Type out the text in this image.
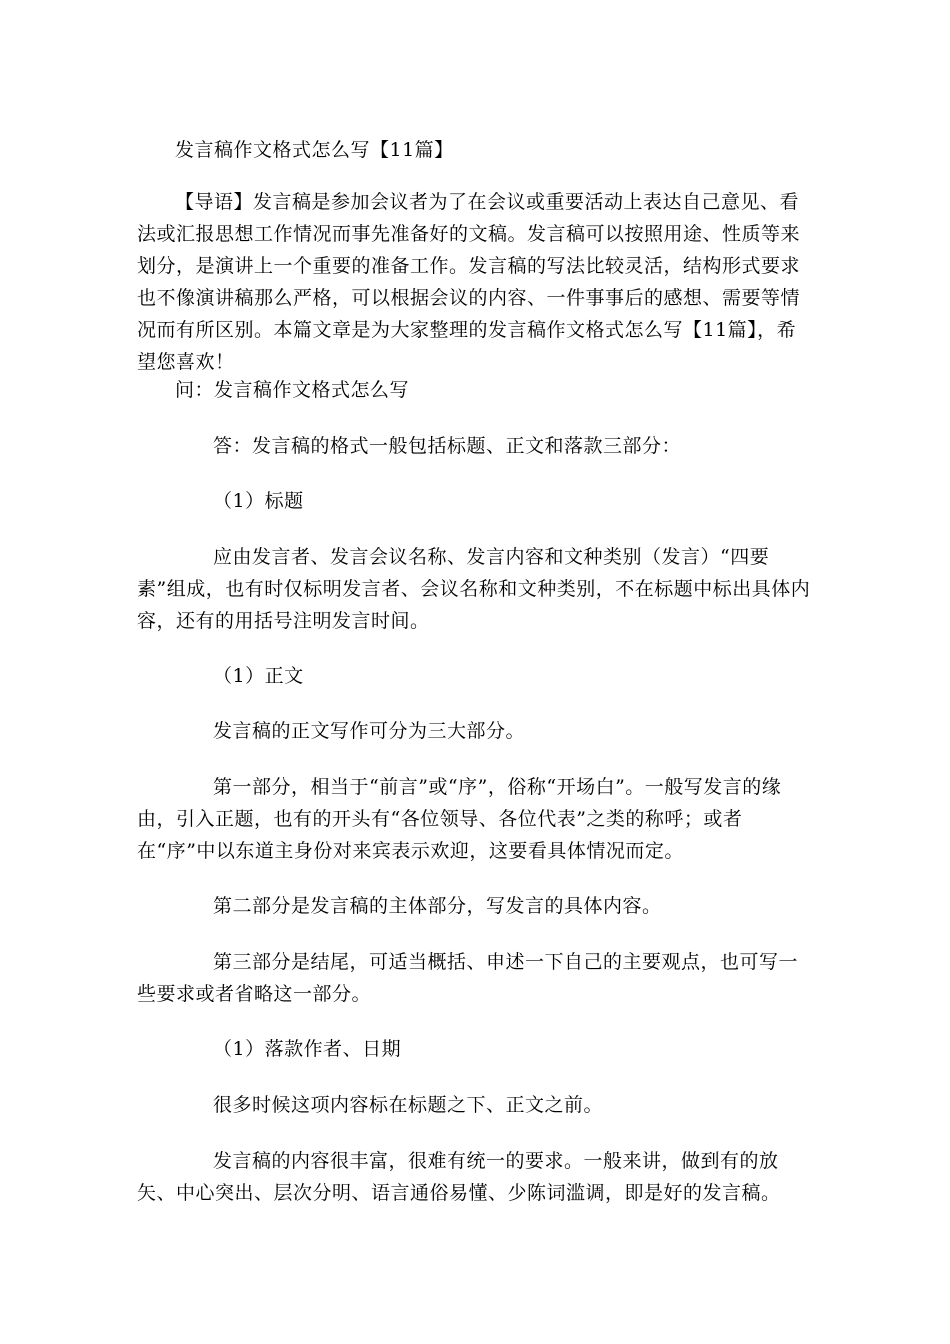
发言稿作文格式怎么写【11篇】

【导语】发言稿是参加会议者为了在会议或重要活动上表达自己意见、看法或汇报思想工作情况而事先准备好的文稿。发言稿可以按照用途、性质等来划分，是演讲上一个重要的准备工作。发言稿的写法比较灵活，结构形式要求也不像演讲稿那么严格，可以根据会议的内容、一件事事后的感想、需要等情况而有所区别。本篇文章是为大家整理的发言稿作文格式怎么写【11篇】，希望您喜欢！

问：发言稿作文格式怎么写

答：发言稿的格式一般包括标题、正文和落款三部分：

（1）标题

应由发言者、发言会议名称、发言内容和文种类别（发言）“四要素”组成，也有时仅标明发言者、会议名称和文种类别，不在标题中标出具体内容，还有的用括号注明发言时间。

（1）正文

发言稿的正文写作可分为三大部分。

第一部分，相当于“前言”或“序”，俗称“开场白”。一般写发言的缘由，引入正题，也有的开头有“各位领导、各位代表”之类的称呼；或者在“序”中以东道主身份对来宾表示欢迎，这要看具体情况而定。

第二部分是发言稿的主体部分，写发言的具体内容。

第三部分是结尾，可适当概括、申述一下自己的主要观点，也可写一些要求或者省略这一部分。

（1）落款作者、日期

很多时候这项内容标在标题之下、正文之前。

发言稿的内容很丰富，很难有统一的要求。一般来讲，做到有的放矢、中心突出、层次分明、语言通俗易懂、少陈词滥调，即是好的发言稿。
